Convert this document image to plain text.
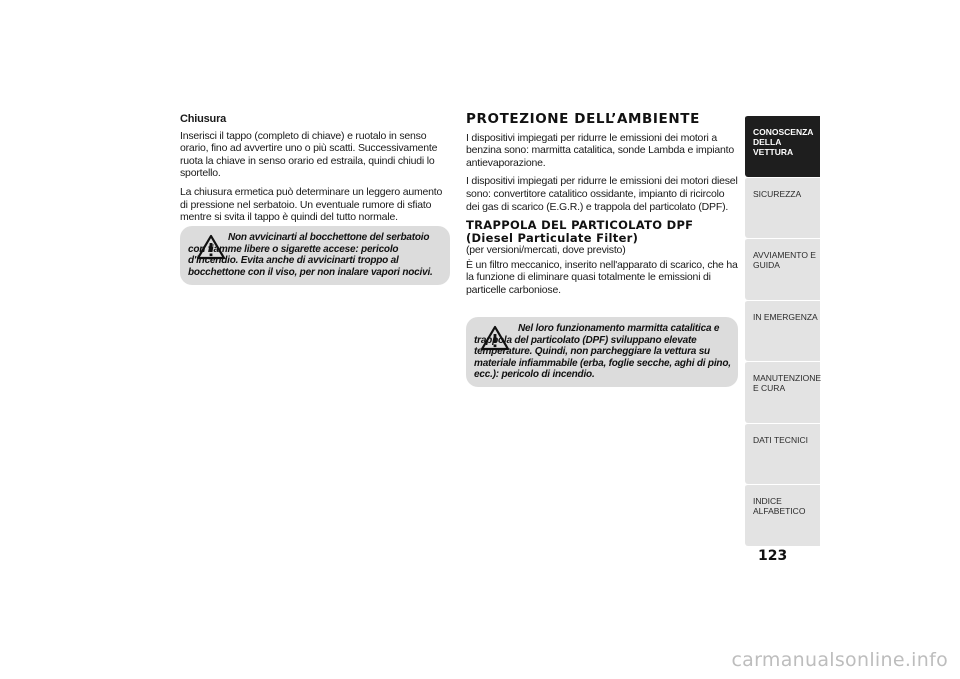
Chiusura

Inserisci il tappo (completo di chiave) e ruotalo in senso orario, fino ad avvertire uno o più scatti. Successivamente ruota la chiave in senso orario ed estraila, quindi chiudi lo sportello.

La chiusura ermetica può determinare un leggero aumento di pressione nel serbatoio. Un eventuale rumore di sfiato mentre si svita il tappo è quindi del tutto normale.

Non avvicinarti al bocchettone del serbatoio con fiamme libere o sigarette accese: pericolo d'incendio. Evita anche di avvicinarti troppo al bocchettone con il viso, per non inalare vapori nocivi.
PROTEZIONE DELL’AMBIENTE

I dispositivi impiegati per ridurre le emissioni dei motori a benzina sono: marmitta catalitica, sonde Lambda e impianto antievaporazione.

I dispositivi impiegati per ridurre le emissioni dei motori diesel sono: convertitore catalitico ossidante, impianto di ricircolo dei gas di scarico (E.G.R.) e trappola del particolato (DPF).

TRAPPOLA DEL PARTICOLATO DPF
(Diesel Particulate Filter)

(per versioni/mercati, dove previsto)

È un filtro meccanico, inserito nell'apparato di scarico, che ha la funzione di eliminare quasi totalmente le emissioni di particelle carboniose.

Nel loro funzionamento marmitta catalitica e trappola del particolato (DPF) sviluppano elevate temperature. Quindi, non parcheggiare la vettura su materiale infiammabile (erba, foglie secche, aghi di pino, ecc.): pericolo di incendio.
CONOSCENZA DELLA VETTURA
SICUREZZA
AVVIAMENTO E GUIDA
IN EMERGENZA
MANUTENZIONE E CURA
DATI TECNICI
INDICE ALFABETICO
123
carmanualsonline.info
